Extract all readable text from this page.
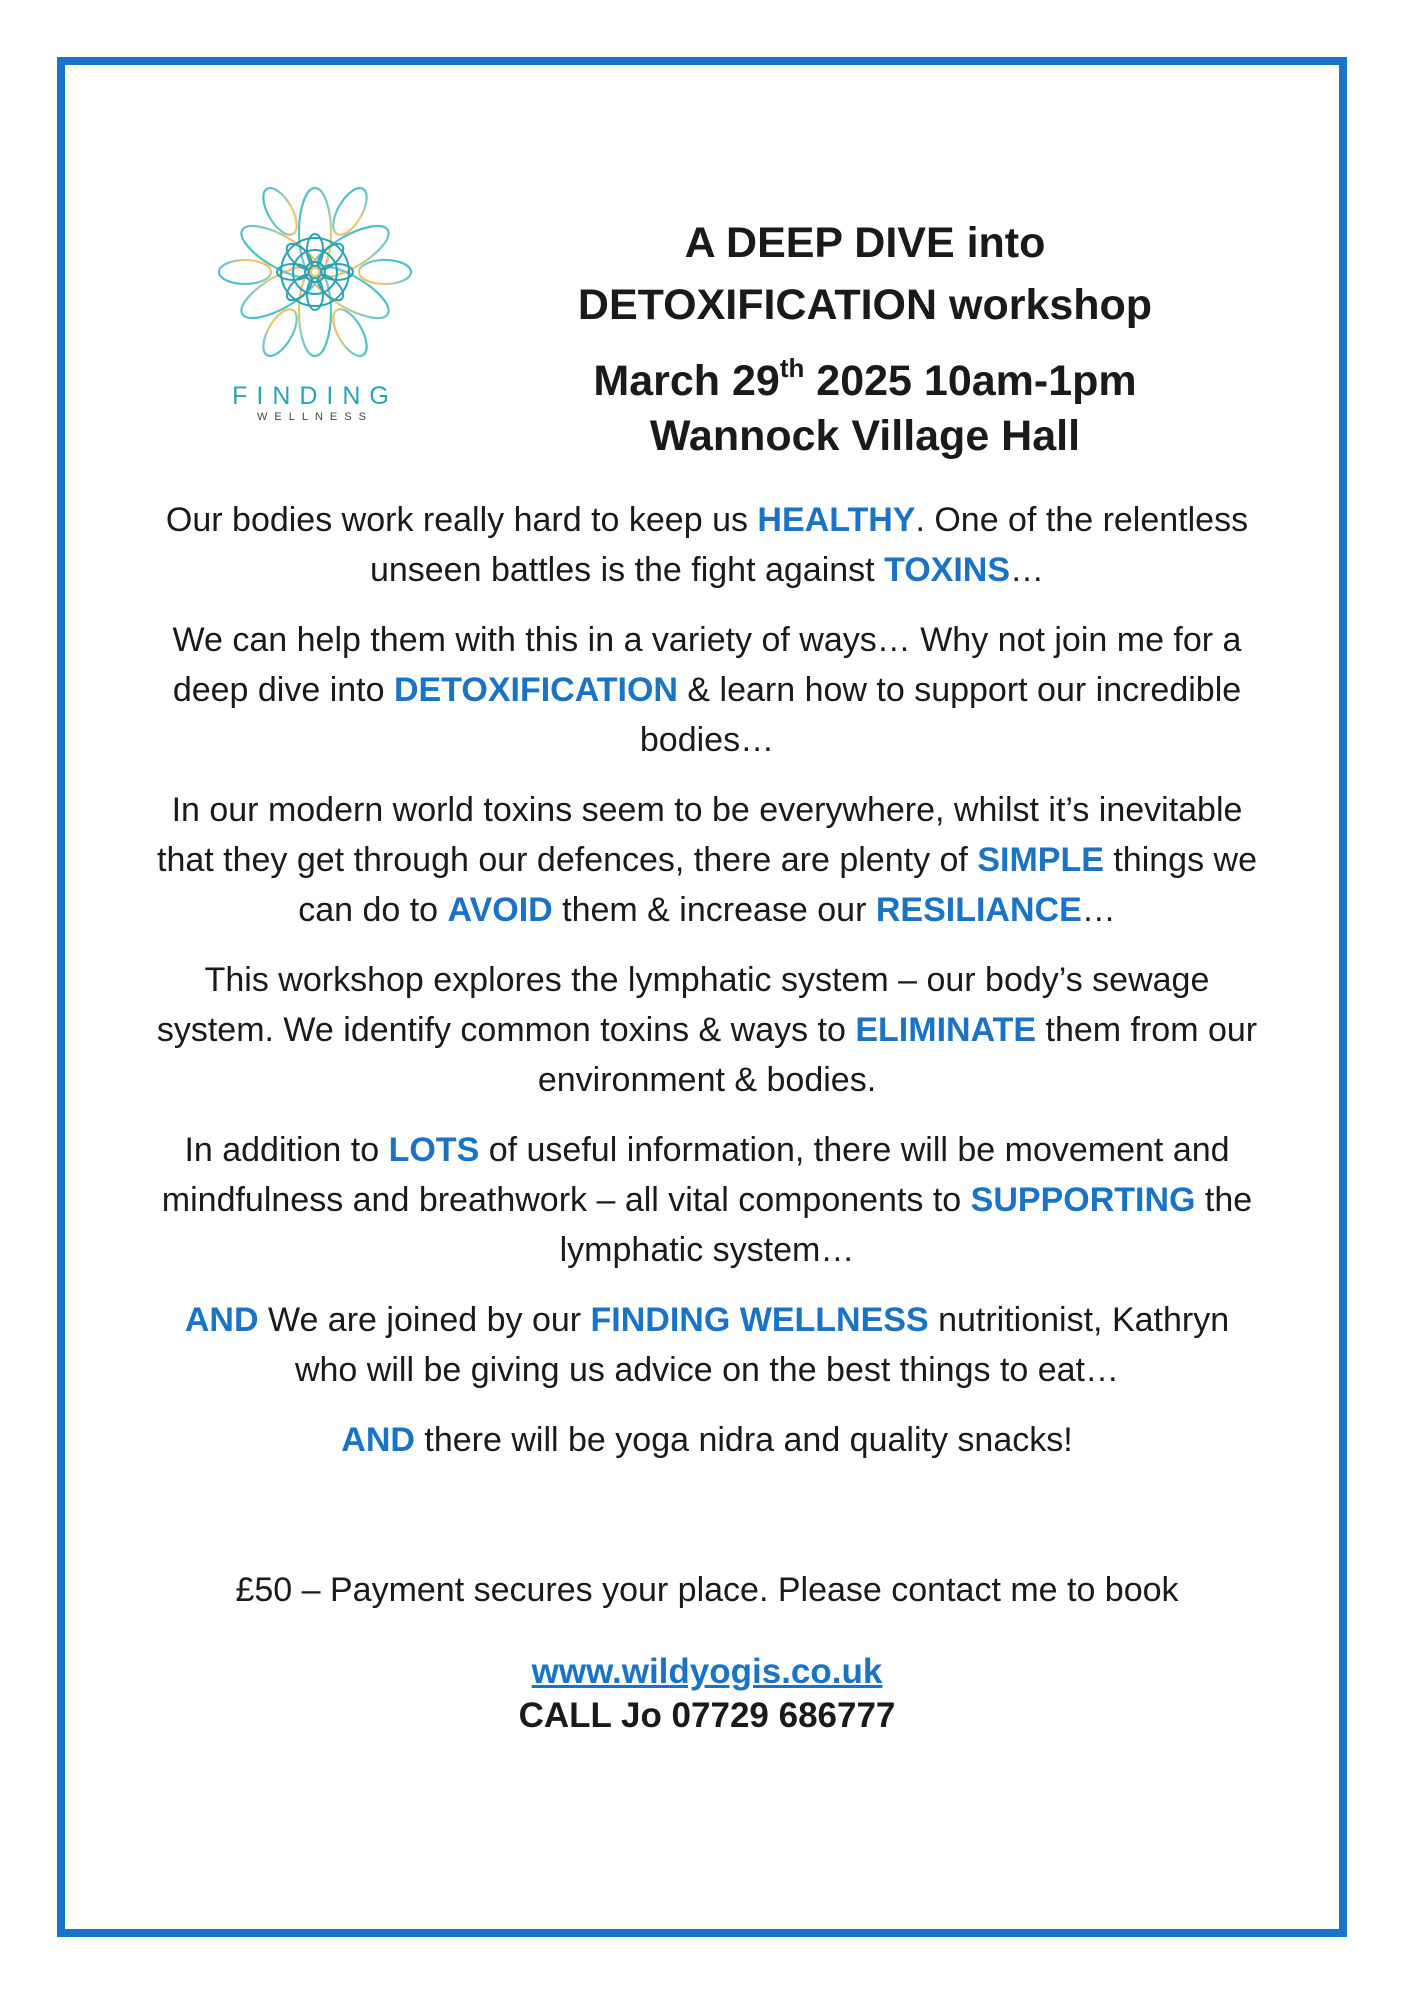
FINDING
WELLNESS
A DEEP DIVE into
DETOXIFICATION workshop
March 29th 2025 10am-1pm
Wannock Village Hall

Our bodies work really hard to keep us HEALTHY. One of the relentless unseen battles is the fight against TOXINS…

We can help them with this in a variety of ways… Why not join me for a deep dive into DETOXIFICATION & learn how to support our incredible bodies…

In our modern world toxins seem to be everywhere, whilst it’s inevitable that they get through our defences, there are plenty of SIMPLE things we can do to AVOID them & increase our RESILIANCE…

This workshop explores the lymphatic system – our body’s sewage system. We identify common toxins & ways to ELIMINATE them from our environment & bodies.

In addition to LOTS of useful information, there will be movement and mindfulness and breathwork – all vital components to SUPPORTING the lymphatic system…

AND We are joined by our FINDING WELLNESS nutritionist, Kathryn who will be giving us advice on the best things to eat…

AND there will be yoga nidra and quality snacks!

£50 – Payment secures your place. Please contact me to book
www.wildyogis.co.uk
CALL Jo 07729 686777
